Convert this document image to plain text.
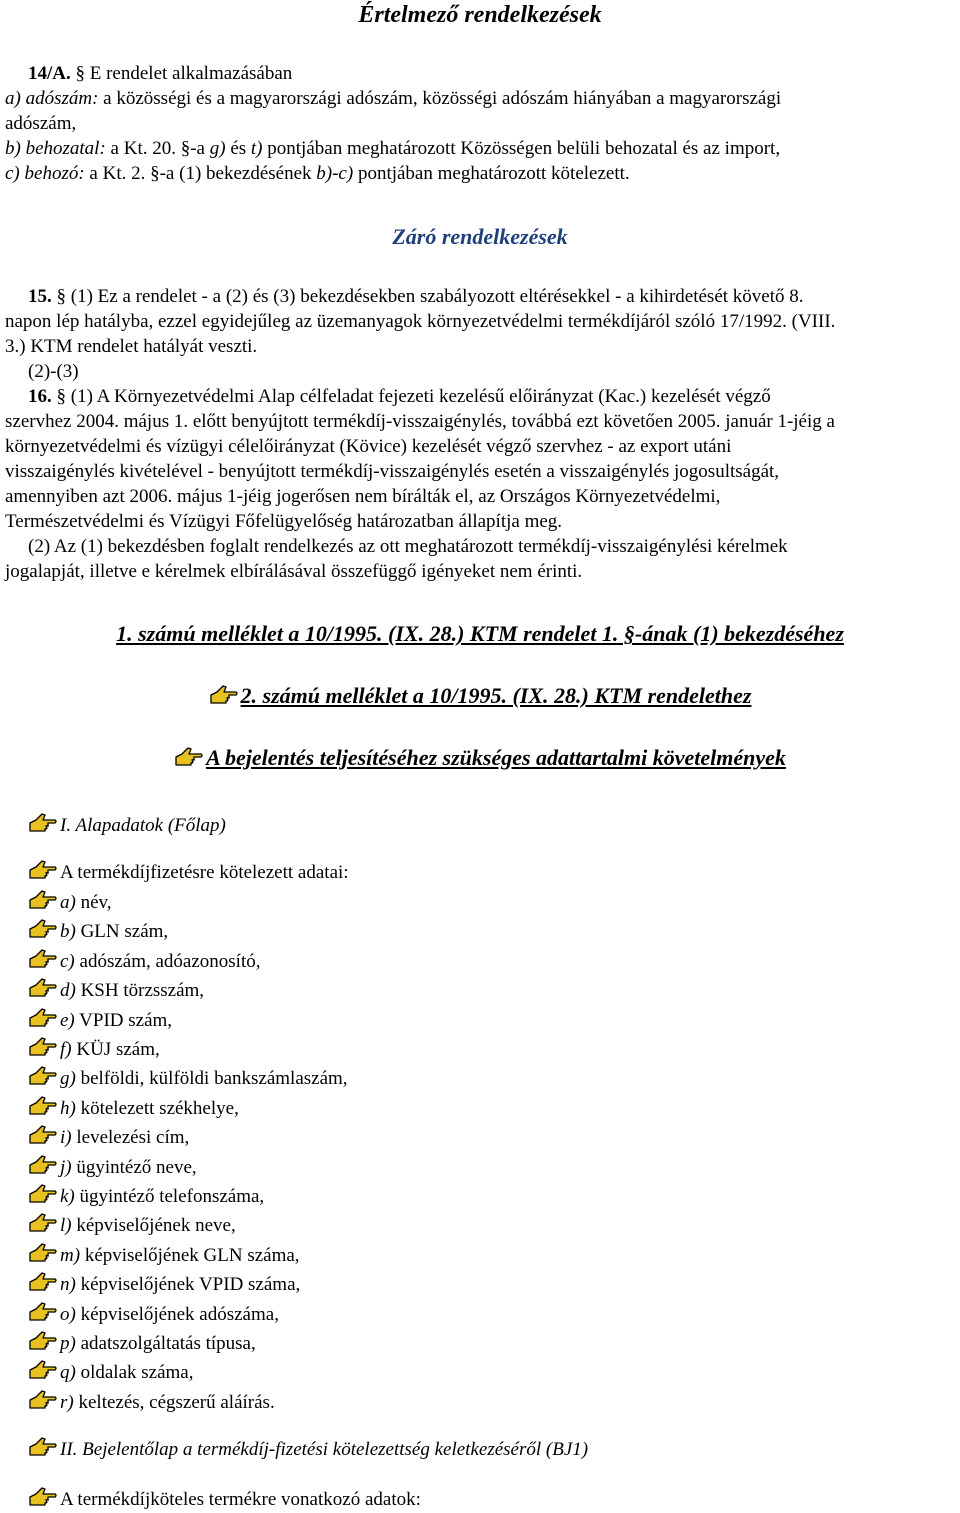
Értelmező rendelkezések
14/A. § E rendelet alkalmazásában
a) adószám: a közösségi és a magyarországi adószám, közösségi adószám hiányában a magyarországi
adószám,
b) behozatal: a Kt. 20. §-a g) és t) pontjában meghatározott Közösségen belüli behozatal és az import,
c) behozó: a Kt. 2. §-a (1) bekezdésének b)-c) pontjában meghatározott kötelezett.
Záró rendelkezések
15. § (1) Ez a rendelet - a (2) és (3) bekezdésekben szabályozott eltérésekkel - a kihirdetését követő 8.
napon lép hatályba, ezzel egyidejűleg az üzemanyagok környezetvédelmi termékdíjáról szóló 17/1992. (VIII.
3.) KTM rendelet hatályát veszti.
(2)-(3)
16. § (1) A Környezetvédelmi Alap célfeladat fejezeti kezelésű előirányzat (Kac.) kezelését végző
szervhez 2004. május 1. előtt benyújtott termékdíj-visszaigénylés, továbbá ezt követően 2005. január 1-jéig a
környezetvédelmi és vízügyi célelőirányzat (Kövice) kezelését végző szervhez - az export utáni
visszaigénylés kivételével - benyújtott termékdíj-visszaigénylés esetén a visszaigénylés jogosultságát,
amennyiben azt 2006. május 1-jéig jogerősen nem bírálták el, az Országos Környezetvédelmi,
Természetvédelmi és Vízügyi Főfelügyelőség határozatban állapítja meg.
(2) Az (1) bekezdésben foglalt rendelkezés az ott meghatározott termékdíj-visszaigénylési kérelmek
jogalapját, illetve e kérelmek elbírálásával összefüggő igényeket nem érinti.
1. számú melléklet a 10/1995. (IX. 28.) KTM rendelet 1. §-ának (1) bekezdéséhez
2. számú melléklet a 10/1995. (IX. 28.) KTM rendelethez
A bejelentés teljesítéséhez szükséges adattartalmi követelmények
I. Alapadatok (Főlap)
A termékdíjfizetésre kötelezett adatai:
a) név,
b) GLN szám,
c) adószám, adóazonosító,
d) KSH törzsszám,
e) VPID szám,
f) KÜJ szám,
g) belföldi, külföldi bankszámlaszám,
h) kötelezett székhelye,
i) levelezési cím,
j) ügyintéző neve,
k) ügyintéző telefonszáma,
l) képviselőjének neve,
m) képviselőjének GLN száma,
n) képviselőjének VPID száma,
o) képviselőjének adószáma,
p) adatszolgáltatás típusa,
q) oldalak száma,
r) keltezés, cégszerű aláírás.
II. Bejelentőlap a termékdíj-fizetési kötelezettség keletkezéséről (BJ1)
A termékdíjköteles termékre vonatkozó adatok:
